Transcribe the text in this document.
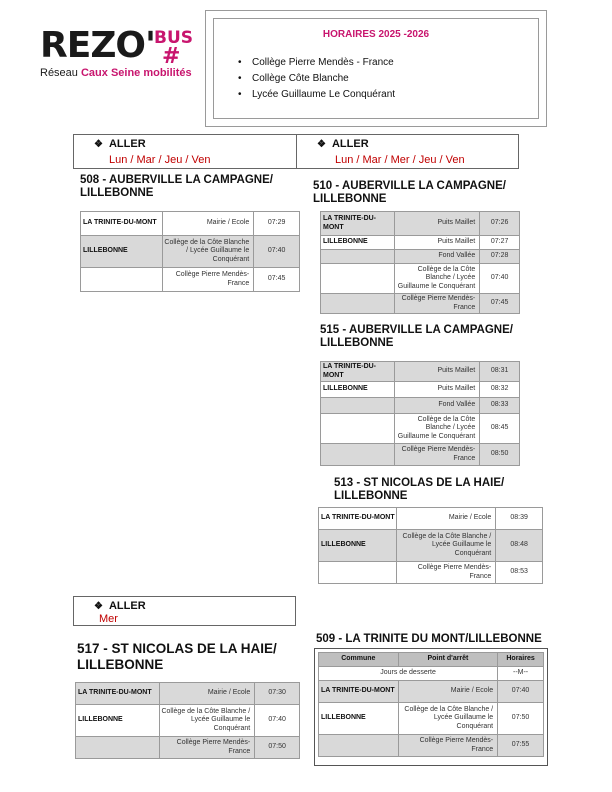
REZO'
BUS
#
Réseau Caux Seine mobilités
HORAIRES 2025 -2026
• Collège Pierre Mendès - France
• Collège Côte Blanche
• Lycée Guillaume Le Conquérant
❖ ALLER
Lun / Mar / Jeu / Ven
❖ ALLER
Lun / Mar / Mer / Jeu / Ven
508 - AUBERVILLE LA CAMPAGNE/
LILLEBONNE
LA TRINITE-DU-MONT	Mairie / Ecole	07:29
LILLEBONNE	Collège de la Côte Blanche / Lycée Guillaume le Conquérant	07:40
	Collège Pierre Mendès-France	07:45
510 - AUBERVILLE LA CAMPAGNE/
LILLEBONNE
LA TRINITE-DU-MONT	Puits Maillet	07:26
LILLEBONNE	Puits Maillet	07:27
	Fond Vallée	07:28
	Collège de la Côte Blanche / Lycée Guillaume le Conquérant	07:40
	Collège Pierre Mendès-France	07:45
515 - AUBERVILLE LA CAMPAGNE/
LILLEBONNE
LA TRINITE-DU-MONT	Puits Maillet	08:31
LILLEBONNE	Puits Maillet	08:32
	Fond Vallée	08:33
	Collège de la Côte Blanche / Lycée Guillaume le Conquérant	08:45
	Collège Pierre Mendès-France	08:50
513 - ST NICOLAS DE LA HAIE/
LILLEBONNE
LA TRINITE-DU-MONT	Mairie / Ecole	08:39
LILLEBONNE	Collège de la Côte Blanche / Lycée Guillaume le Conquérant	08:48
	Collège Pierre Mendès-France	08:53
❖ ALLER
Mer
517 - ST NICOLAS DE LA HAIE/
LILLEBONNE
LA TRINITE-DU-MONT	Mairie / Ecole	07:30
LILLEBONNE	Collège de la Côte Blanche / Lycée Guillaume le Conquérant	07:40
	Collège Pierre Mendès-France	07:50
509 - LA TRINITE DU MONT/LILLEBONNE
Commune	Point d'arrêt	Horaires
Jours de desserte		--M--
LA TRINITE-DU-MONT	Mairie / Ecole	07:40
LILLEBONNE	Collège de la Côte Blanche / Lycée Guillaume le Conquérant	07:50
	Collège Pierre Mendès-France	07:55
